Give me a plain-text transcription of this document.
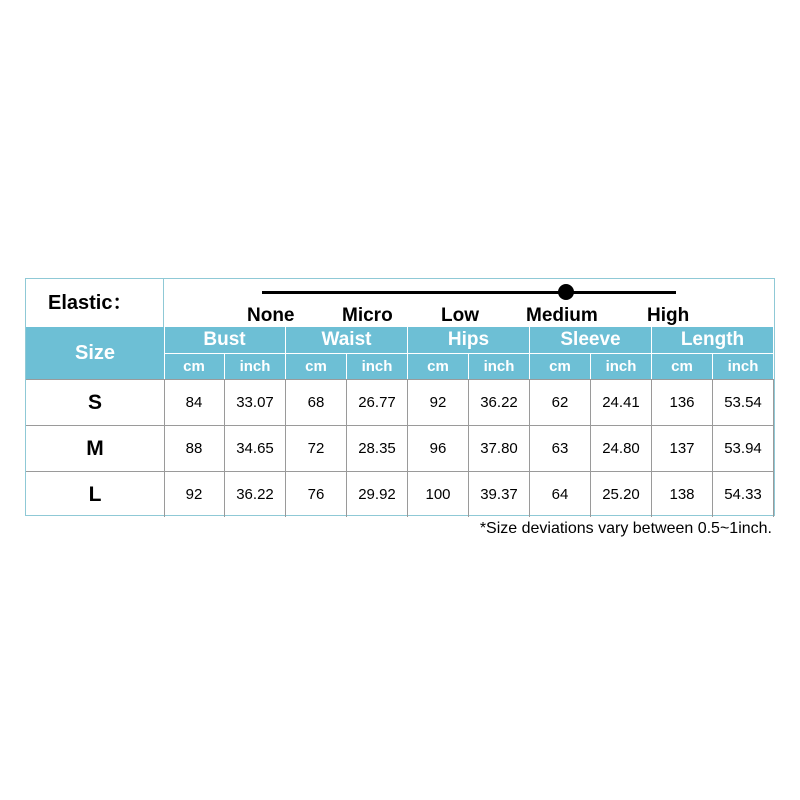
Elastic：
None	Micro	Low Medium	High
Size
Bust
cm	inch
Waist
cm	inch
Hips
cm	inch
Sleeve
cm	inch
Length
cm	inch
S	84	33.07	68	26.77	92	36.22	62	24.41	136	53.54
M	88	34.65	72	28.35	96	37.80	63	24.80	137	53.94
L	92	36.22	76	29.92	100	39.37	64	25.20	138	54.33
*Size deviations vary between 0.5~1inch.
